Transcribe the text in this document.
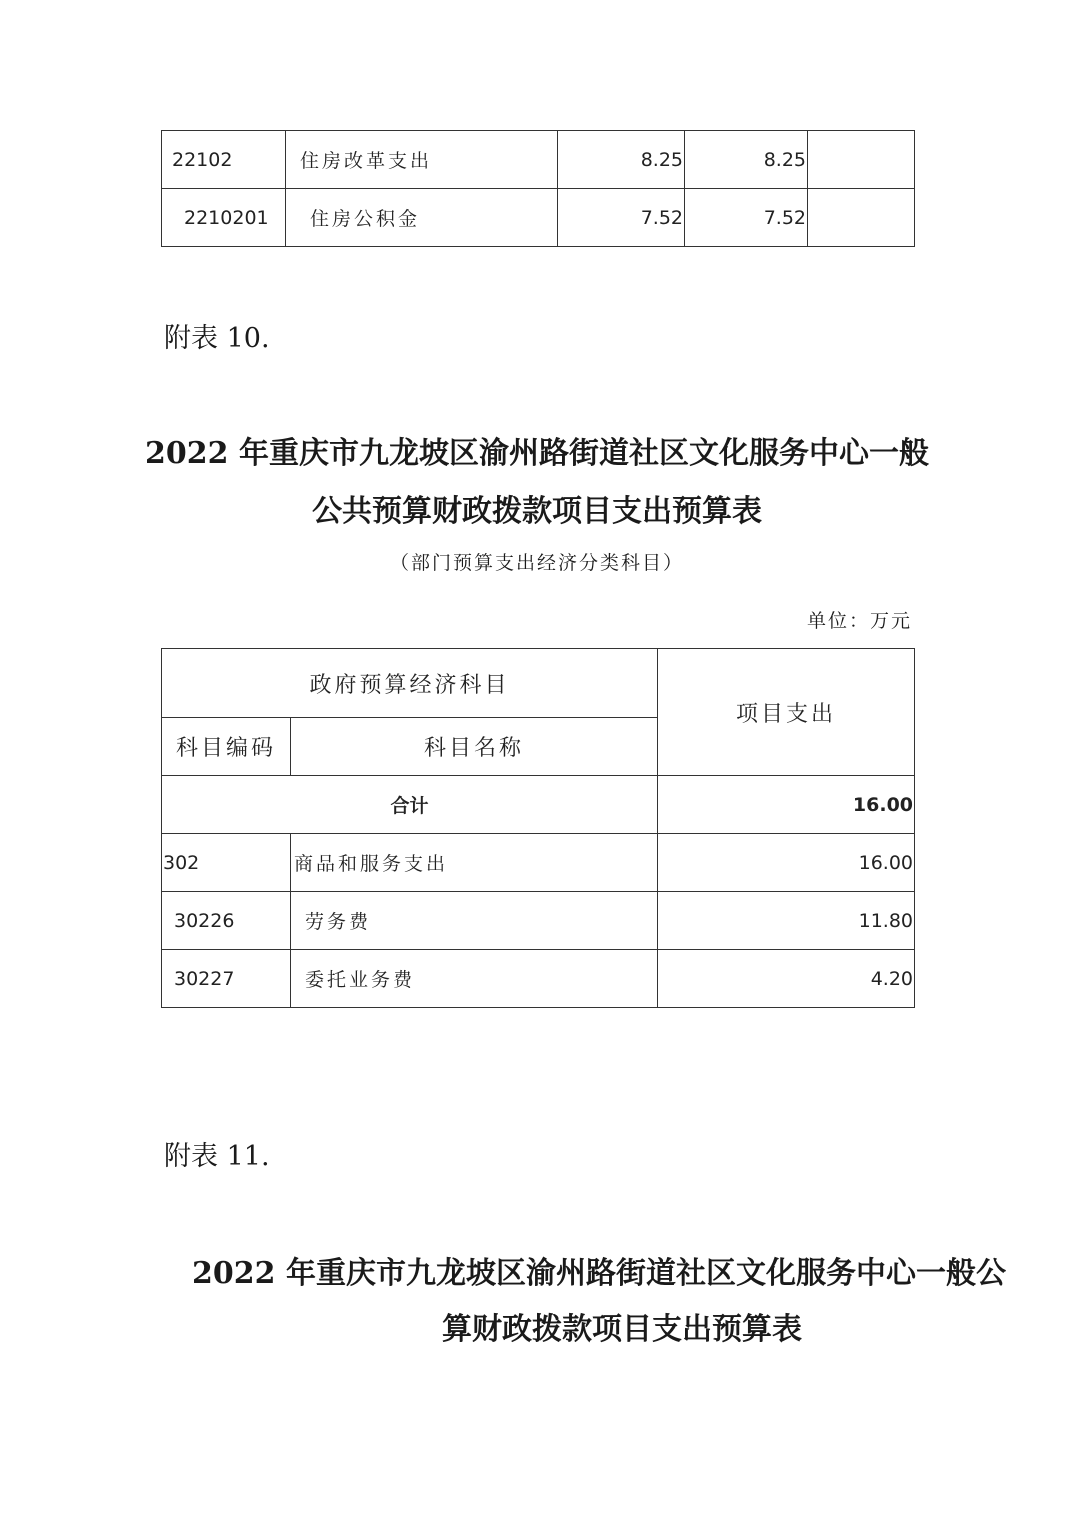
22102	住房改革支出	8.25	8.25	
2210201	住房公积金	7.52	7.52	
附表 10.
2022 年重庆市九龙坡区渝州路街道社区文化服务中心一般
公共预算财政拨款项目支出预算表
（部门预算支出经济分类科目）
单位：万元
政府预算经济科目		项目支出
科目编码	科目名称	
合计		16.00
302	商品和服务支出	16.00
30226	劳务费	11.80
30227	委托业务费	4.20
附表 11.
2022 年重庆市九龙坡区渝州路街道社区文化服务中心一般公
算财政拨款项目支出预算表
